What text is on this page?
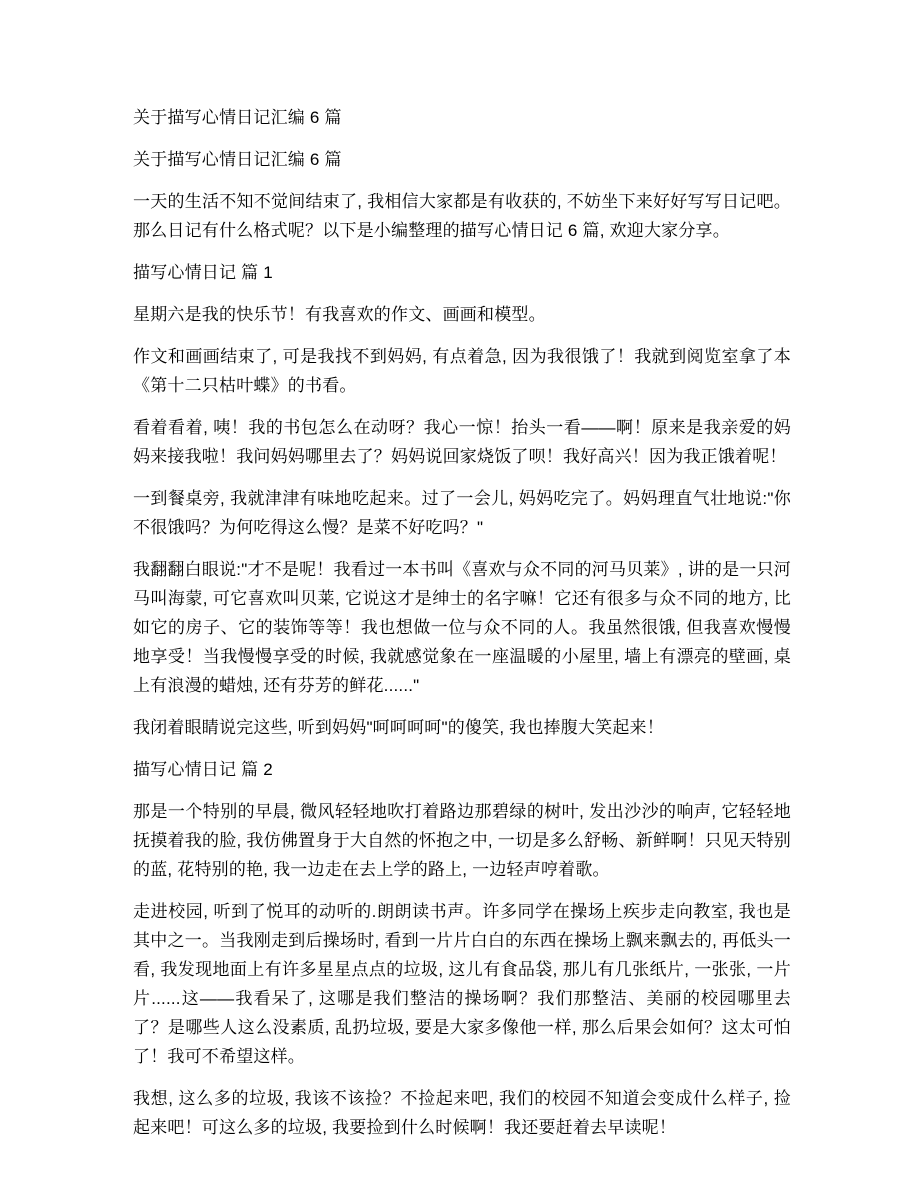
关于描写心情日记汇编 6 篇

关于描写心情日记汇编 6 篇

一天的生活不知不觉间结束了, 我相信大家都是有收获的, 不妨坐下来好好写写日记吧。那么日记有什么格式呢？以下是小编整理的描写心情日记 6 篇, 欢迎大家分享。

描写心情日记 篇 1

星期六是我的快乐节！有我喜欢的作文、画画和模型。

作文和画画结束了, 可是我找不到妈妈, 有点着急, 因为我很饿了！我就到阅览室拿了本《第十二只枯叶蝶》的书看。

看着看着, 咦！我的书包怎么在动呀？我心一惊！抬头一看——啊！原来是我亲爱的妈妈来接我啦！我问妈妈哪里去了？妈妈说回家烧饭了呗！我好高兴！因为我正饿着呢！

一到餐桌旁, 我就津津有味地吃起来。过了一会儿, 妈妈吃完了。妈妈理直气壮地说:"你不很饿吗？为何吃得这么慢？是菜不好吃吗？"

我翻翻白眼说:"才不是呢！我看过一本书叫《喜欢与众不同的河马贝莱》, 讲的是一只河马叫海蒙, 可它喜欢叫贝莱, 它说这才是绅士的名字嘛！它还有很多与众不同的地方, 比如它的房子、它的装饰等等！我也想做一位与众不同的人。我虽然很饿, 但我喜欢慢慢地享受！当我慢慢享受的时候, 我就感觉象在一座温暖的小屋里, 墙上有漂亮的壁画, 桌上有浪漫的蜡烛, 还有芬芳的鲜花......"

我闭着眼睛说完这些, 听到妈妈"呵呵呵呵"的傻笑, 我也捧腹大笑起来！

描写心情日记 篇 2

那是一个特别的早晨, 微风轻轻地吹打着路边那碧绿的树叶, 发出沙沙的响声, 它轻轻地抚摸着我的脸, 我仿佛置身于大自然的怀抱之中, 一切是多么舒畅、新鲜啊！只见天特别的蓝, 花特别的艳, 我一边走在去上学的路上, 一边轻声哼着歌。

走进校园, 听到了悦耳的动听的.朗朗读书声。许多同学在操场上疾步走向教室, 我也是其中之一。当我刚走到后操场时, 看到一片片白白的东西在操场上飘来飘去的, 再低头一看, 我发现地面上有许多星星点点的垃圾, 这儿有食品袋, 那儿有几张纸片, 一张张, 一片片......这——我看呆了, 这哪是我们整洁的操场啊？我们那整洁、美丽的校园哪里去了？是哪些人这么没素质, 乱扔垃圾, 要是大家多像他一样, 那么后果会如何？这太可怕了！我可不希望这样。

我想, 这么多的垃圾, 我该不该捡？不捡起来吧, 我们的校园不知道会变成什么样子, 捡起来吧！可这么多的垃圾, 我要捡到什么时候啊！我还要赶着去早读呢！
